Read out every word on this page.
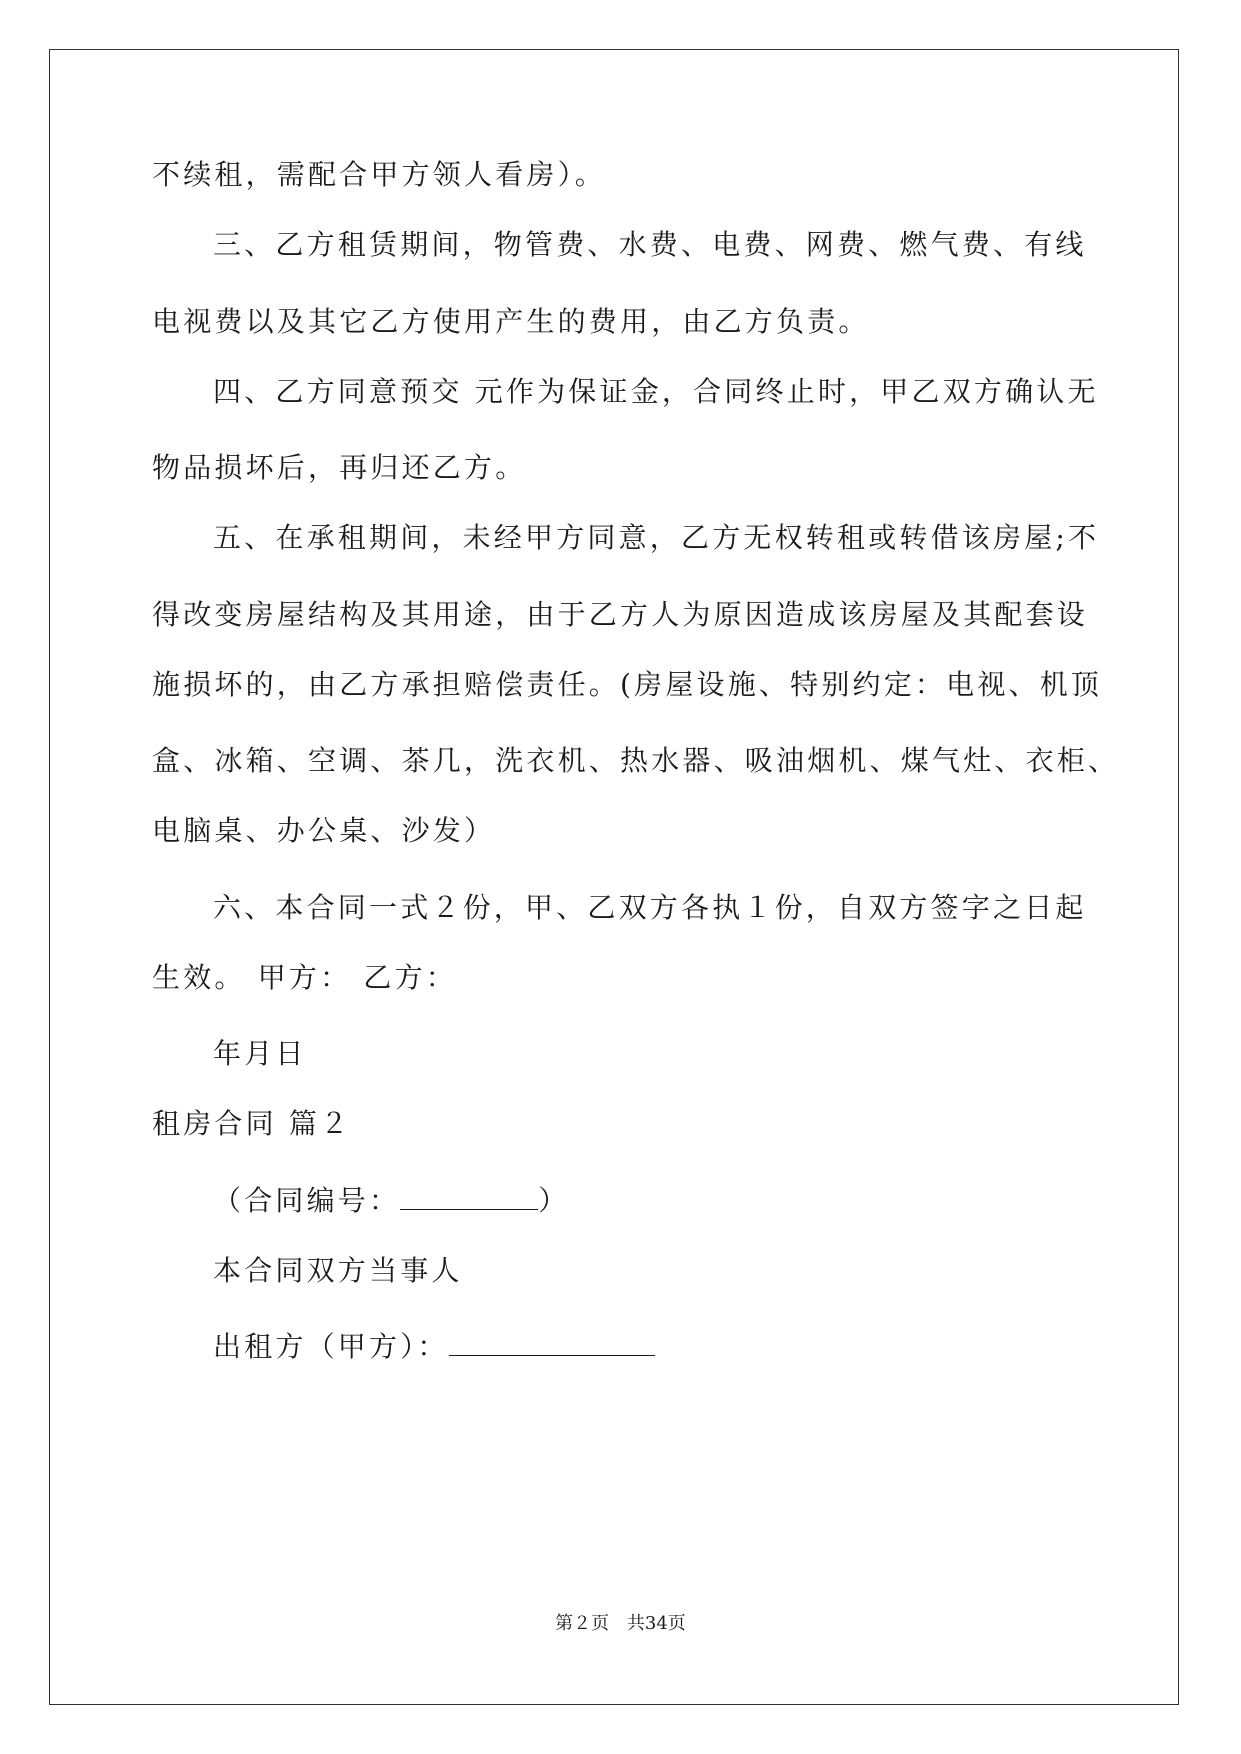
不续租，需配合甲方领人看房）。
三、乙方租赁期间，物管费、水费、电费、网费、燃气费、有线
电视费以及其它乙方使用产生的费用，由乙方负责。
四、乙方同意预交 元作为保证金，合同终止时，甲乙双方确认无
物品损坏后，再归还乙方。
五、在承租期间，未经甲方同意，乙方无权转租或转借该房屋;不
得改变房屋结构及其用途，由于乙方人为原因造成该房屋及其配套设
施损坏的，由乙方承担赔偿责任。(房屋设施、特别约定：电视、机顶
盒、冰箱、空调、茶几，洗衣机、热水器、吸油烟机、煤气灶、衣柜、
电脑桌、办公桌、沙发）
六、本合同一式２份，甲、乙双方各执１份，自双方签字之日起
生效。 甲方： 乙方：
年月日
租房合同 篇２
（合同编号：	）
本合同双方当事人
出租方（甲方）：
第２页 共34页
